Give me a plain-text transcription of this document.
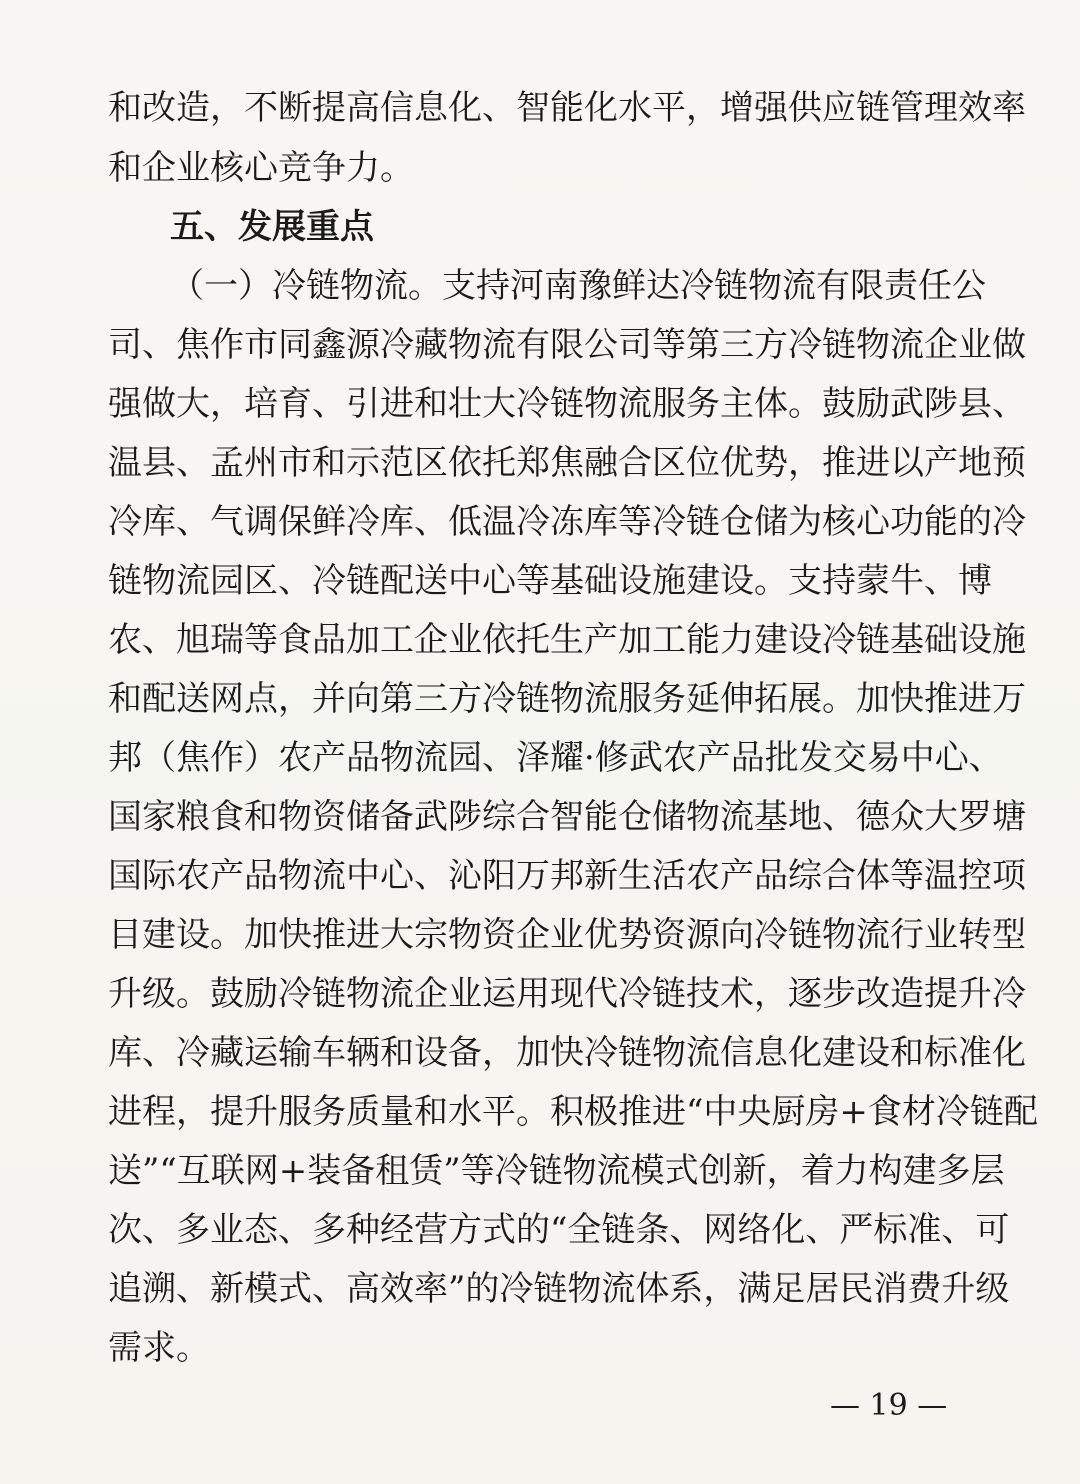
和改造，不断提高信息化、智能化水平，增强供应链管理效率
和企业核心竞争力。
五、发展重点
（一）冷链物流。支持河南豫鲜达冷链物流有限责任公
司、焦作市同鑫源冷藏物流有限公司等第三方冷链物流企业做
强做大，培育、引进和壮大冷链物流服务主体。鼓励武陟县、
温县、孟州市和示范区依托郑焦融合区位优势，推进以产地预
冷库、气调保鲜冷库、低温冷冻库等冷链仓储为核心功能的冷
链物流园区、冷链配送中心等基础设施建设。支持蒙牛、博
农、旭瑞等食品加工企业依托生产加工能力建设冷链基础设施
和配送网点，并向第三方冷链物流服务延伸拓展。加快推进万
邦（焦作）农产品物流园、泽耀·修武农产品批发交易中心、
国家粮食和物资储备武陟综合智能仓储物流基地、德众大罗塘
国际农产品物流中心、沁阳万邦新生活农产品综合体等温控项
目建设。加快推进大宗物资企业优势资源向冷链物流行业转型
升级。鼓励冷链物流企业运用现代冷链技术，逐步改造提升冷
库、冷藏运输车辆和设备，加快冷链物流信息化建设和标准化
进程，提升服务质量和水平。积极推进“中央厨房+食材冷链配
送”“互联网+装备租赁”等冷链物流模式创新，着力构建多层
次、多业态、多种经营方式的“全链条、网络化、严标准、可
追溯、新模式、高效率”的冷链物流体系，满足居民消费升级
需求。
— 19 —
